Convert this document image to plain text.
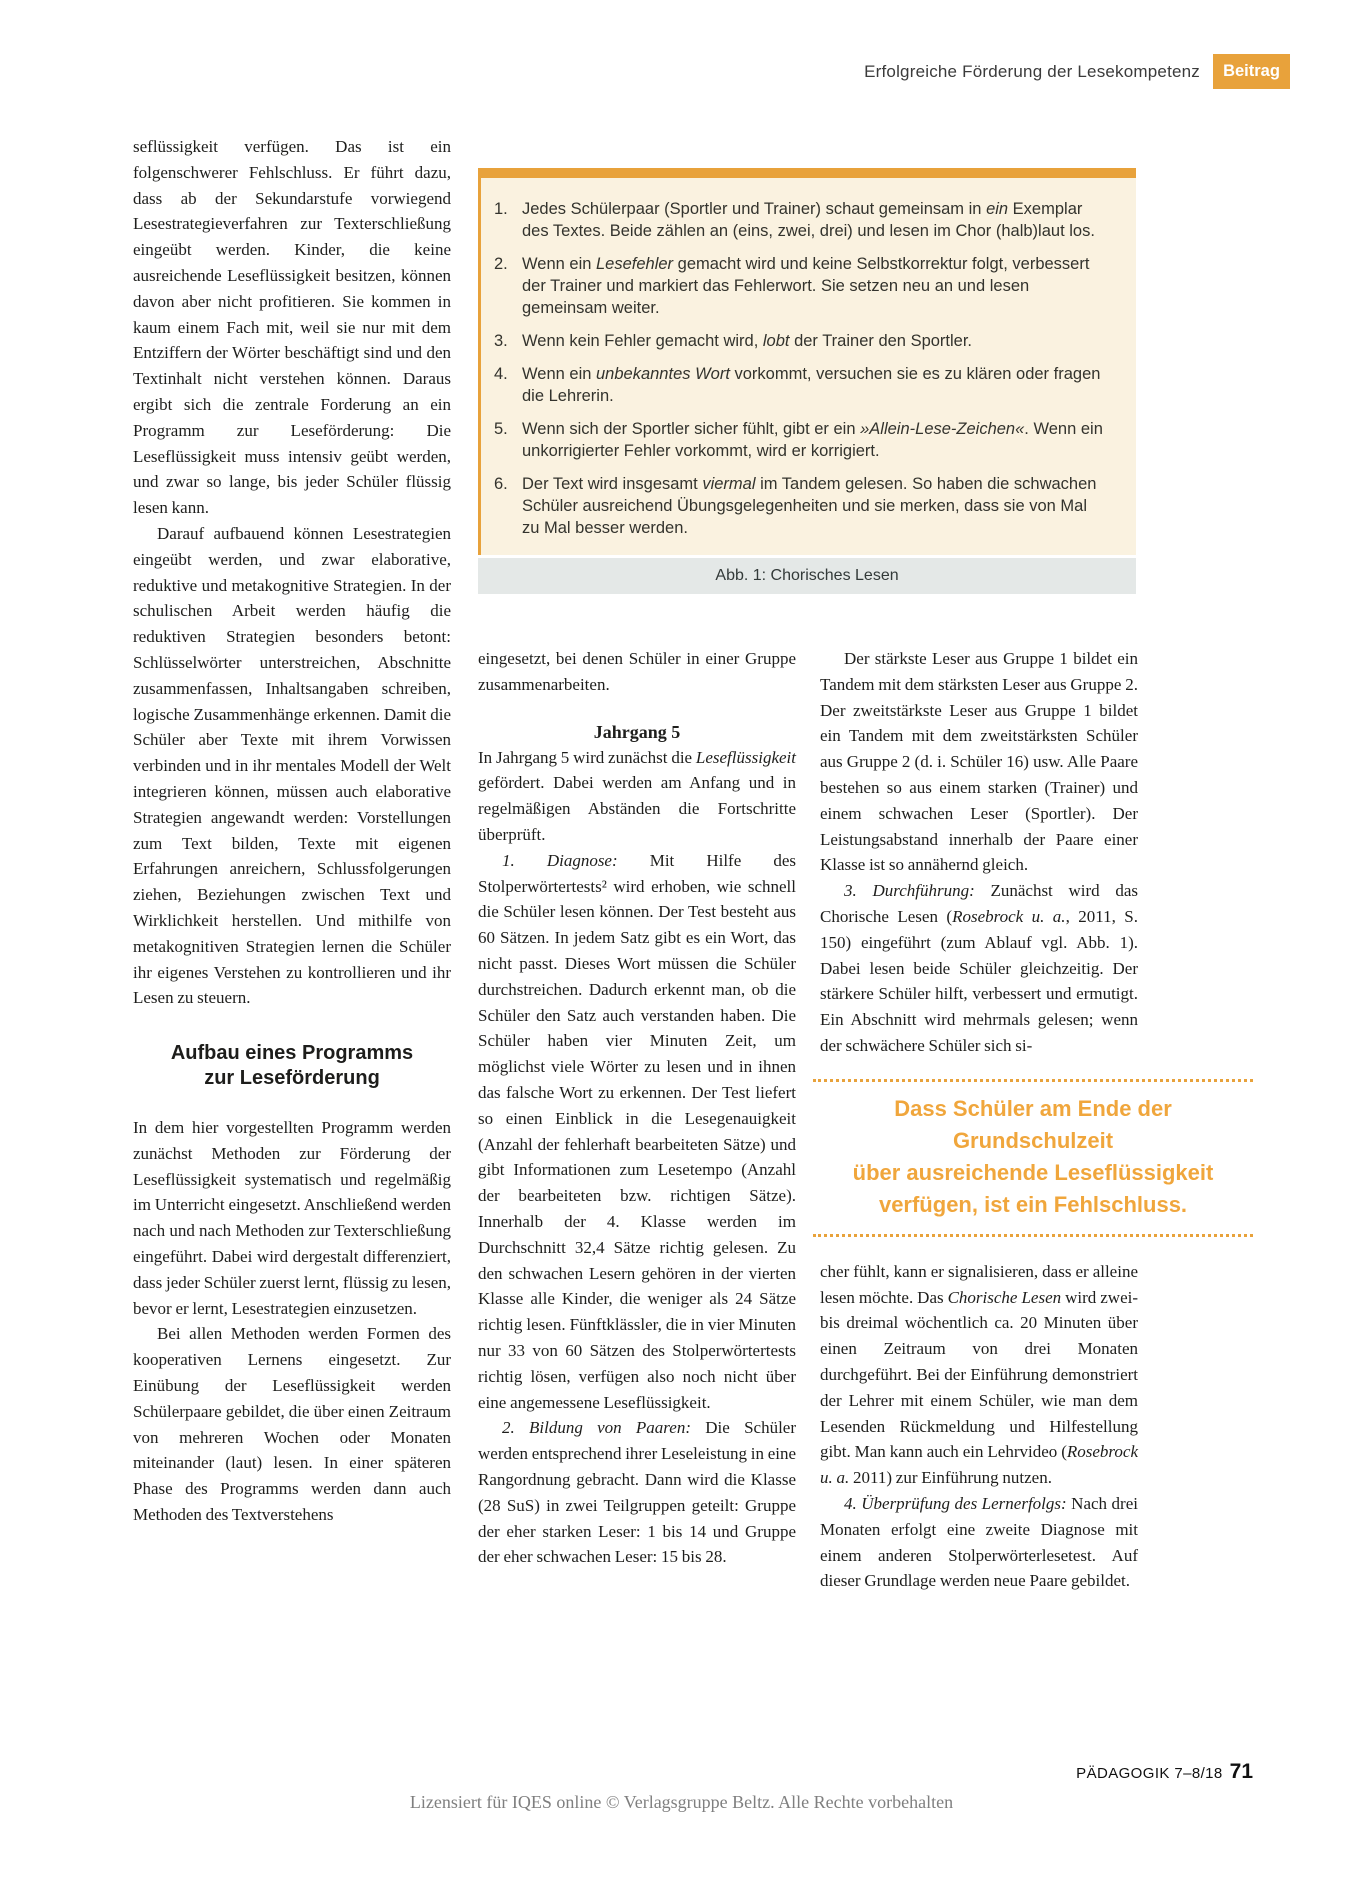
Erfolgreiche Förderung der Lesekompetenz	Beitrag
1. Jedes Schülerpaar (Sportler und Trainer) schaut gemeinsam in ein Exemplar des Textes. Beide zählen an (eins, zwei, drei) und lesen im Chor (halb)laut los.
2. Wenn ein Lesefehler gemacht wird und keine Selbstkorrektur folgt, verbessert der Trainer und markiert das Fehlerwort. Sie setzen neu an und lesen gemeinsam weiter.
3. Wenn kein Fehler gemacht wird, lobt der Trainer den Sportler.
4. Wenn ein unbekanntes Wort vorkommt, versuchen sie es zu klären oder fragen die Lehrerin.
5. Wenn sich der Sportler sicher fühlt, gibt er ein »Allein-Lese-Zeichen«. Wenn ein unkorrigierter Fehler vorkommt, wird er korrigiert.
6. Der Text wird insgesamt viermal im Tandem gelesen. So haben die schwachen Schüler ausreichend Übungsgelegenheiten und sie merken, dass sie von Mal zu Mal besser werden.
Abb. 1: Chorisches Lesen

seflüssigkeit verfügen. Das ist ein folgenschwerer Fehlschluss. Er führt dazu, dass ab der Sekundarstufe vorwiegend Lesestrategieverfahren zur Texterschließung eingeübt werden. Kinder, die keine ausreichende Leseflüssigkeit besitzen, können davon aber nicht profitieren. Sie kommen in kaum einem Fach mit, weil sie nur mit dem Entziffern der Wörter beschäftigt sind und den Textinhalt nicht verstehen können. Daraus ergibt sich die zentrale Forderung an ein Programm zur Leseförderung: Die Leseflüssigkeit muss intensiv geübt werden, und zwar so lange, bis jeder Schüler flüssig lesen kann.

Darauf aufbauend können Lesestrategien eingeübt werden, und zwar elaborative, reduktive und metakognitive Strategien. In der schulischen Arbeit werden häufig die reduktiven Strategien besonders betont: Schlüsselwörter unterstreichen, Abschnitte zusammenfassen, Inhaltsangaben schreiben, logische Zusammenhänge erkennen. Damit die Schüler aber Texte mit ihrem Vorwissen verbinden und in ihr mentales Modell der Welt integrieren können, müssen auch elaborative Strategien angewandt werden: Vorstellungen zum Text bilden, Texte mit eigenen Erfahrungen anreichern, Schlussfolgerungen ziehen, Beziehungen zwischen Text und Wirklichkeit herstellen. Und mithilfe von metakognitiven Strategien lernen die Schüler ihr eigenes Verstehen zu kontrollieren und ihr Lesen zu steuern.

Aufbau eines Programms
zur Leseförderung

In dem hier vorgestellten Programm werden zunächst Methoden zur Förderung der Leseflüssigkeit systematisch und regelmäßig im Unterricht eingesetzt. Anschließend werden nach und nach Methoden zur Texterschließung eingeführt. Dabei wird dergestalt differenziert, dass jeder Schüler zuerst lernt, flüssig zu lesen, bevor er lernt, Lesestrategien einzusetzen.

Bei allen Methoden werden Formen des kooperativen Lernens eingesetzt. Zur Einübung der Leseflüssigkeit werden Schülerpaare gebildet, die über einen Zeitraum von mehreren Wochen oder Monaten miteinander (laut) lesen. In einer späteren Phase des Programms werden dann auch Methoden des Textverstehens

eingesetzt, bei denen Schüler in einer Gruppe zusammenarbeiten.

Jahrgang 5

In Jahrgang 5 wird zunächst die Leseflüssigkeit gefördert. Dabei werden am Anfang und in regelmäßigen Abständen die Fortschritte überprüft.

1. Diagnose: Mit Hilfe des Stolperwörtertests² wird erhoben, wie schnell die Schüler lesen können. Der Test besteht aus 60 Sätzen. In jedem Satz gibt es ein Wort, das nicht passt. Dieses Wort müssen die Schüler durchstreichen. Dadurch erkennt man, ob die Schüler den Satz auch verstanden haben. Die Schüler haben vier Minuten Zeit, um möglichst viele Wörter zu lesen und in ihnen das falsche Wort zu erkennen. Der Test liefert so einen Einblick in die Lesegenauigkeit (Anzahl der fehlerhaft bearbeiteten Sätze) und gibt Informationen zum Lesetempo (Anzahl der bearbeiteten bzw. richtigen Sätze). Innerhalb der 4. Klasse werden im Durchschnitt 32,4 Sätze richtig gelesen. Zu den schwachen Lesern gehören in der vierten Klasse alle Kinder, die weniger als 24 Sätze richtig lesen. Fünftklässler, die in vier Minuten nur 33 von 60 Sätzen des Stolperwörtertests richtig lösen, verfügen also noch nicht über eine angemessene Leseflüssigkeit.

2. Bildung von Paaren: Die Schüler werden entsprechend ihrer Leseleistung in eine Rangordnung gebracht. Dann wird die Klasse (28 SuS) in zwei Teilgruppen geteilt: Gruppe der eher starken Leser: 1 bis 14 und Gruppe der eher schwachen Leser: 15 bis 28.

Der stärkste Leser aus Gruppe 1 bildet ein Tandem mit dem stärksten Leser aus Gruppe 2. Der zweitstärkste Leser aus Gruppe 1 bildet ein Tandem mit dem zweitstärksten Schüler aus Gruppe 2 (d. i. Schüler 16) usw. Alle Paare bestehen so aus einem starken (Trainer) und einem schwachen Leser (Sportler). Der Leistungsabstand innerhalb der Paare einer Klasse ist so annähernd gleich.

3. Durchführung: Zunächst wird das Chorische Lesen (Rosebrock u. a., 2011, S. 150) eingeführt (zum Ablauf vgl. Abb. 1). Dabei lesen beide Schüler gleichzeitig. Der stärkere Schüler hilft, verbessert und ermutigt. Ein Abschnitt wird mehrmals gelesen; wenn der schwächere Schüler sich si-

Dass Schüler am Ende der Grundschulzeit
über ausreichende Leseflüssigkeit
verfügen, ist ein Fehlschluss.

cher fühlt, kann er signalisieren, dass er alleine lesen möchte. Das Chorische Lesen wird zwei- bis dreimal wöchentlich ca. 20 Minuten über einen Zeitraum von drei Monaten durchgeführt. Bei der Einführung demonstriert der Lehrer mit einem Schüler, wie man dem Lesenden Rückmeldung und Hilfestellung gibt. Man kann auch ein Lehrvideo (Rosebrock u. a. 2011) zur Einführung nutzen.

4. Überprüfung des Lernerfolgs: Nach drei Monaten erfolgt eine zweite Diagnose mit einem anderen Stolperwörterlesetest. Auf dieser Grundlage werden neue Paare gebildet.

PÄDAGOGIK 7–8/18 71
Lizensiert für IQES online © Verlagsgruppe Beltz. Alle Rechte vorbehalten
